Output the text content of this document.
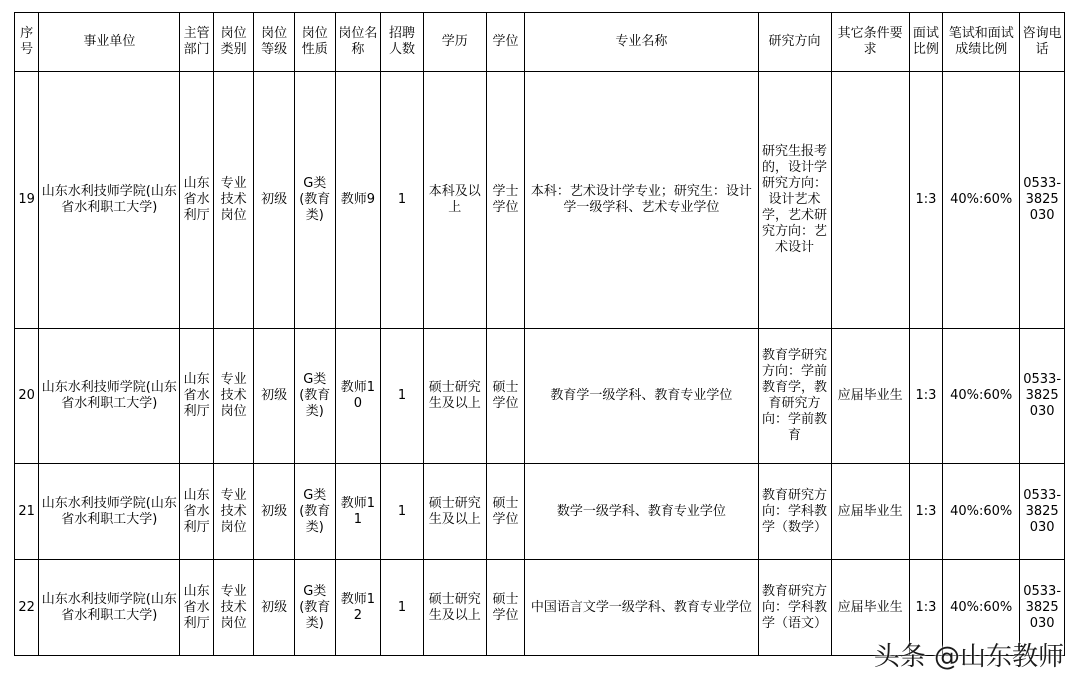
序号	事业单位	主管部门	岗位类别	岗位等级	岗位性质	岗位名称	招聘人数	学历	学位	专业名称	研究方向	其它条件要求	面试比例	笔试和面试成绩比例	咨询电话
19	山东水利技师学院(山东省水利职工大学)	山东省水利厅	专业技术岗位	初级	G类(教育类)	教师9	1	本科及以上	学士学位	本科：艺术设计学专业；研究生：设计学一级学科、艺术专业学位	研究生报考的，设计学研究方向：设计艺术学，艺术研究方向：艺术设计		1:3	40%:60%	0533-3825030
20	山东水利技师学院(山东省水利职工大学)	山东省水利厅	专业技术岗位	初级	G类(教育类)	教师10	1	硕士研究生及以上	硕士学位	教育学一级学科、教育专业学位	教育学研究方向：学前教育学，教育研究方向：学前教育	应届毕业生	1:3	40%:60%	0533-3825030
21	山东水利技师学院(山东省水利职工大学)	山东省水利厅	专业技术岗位	初级	G类(教育类)	教师11	1	硕士研究生及以上	硕士学位	数学一级学科、教育专业学位	教育研究方向：学科教学（数学）	应届毕业生	1:3	40%:60%	0533-3825030
22	山东水利技师学院(山东省水利职工大学)	山东省水利厅	专业技术岗位	初级	G类(教育类)	教师12	1	硕士研究生及以上	硕士学位	中国语言文学一级学科、教育专业学位	教育研究方向：学科教学（语文）	应届毕业生	1:3	40%:60%	0533-3825030
头条 @山东教师
